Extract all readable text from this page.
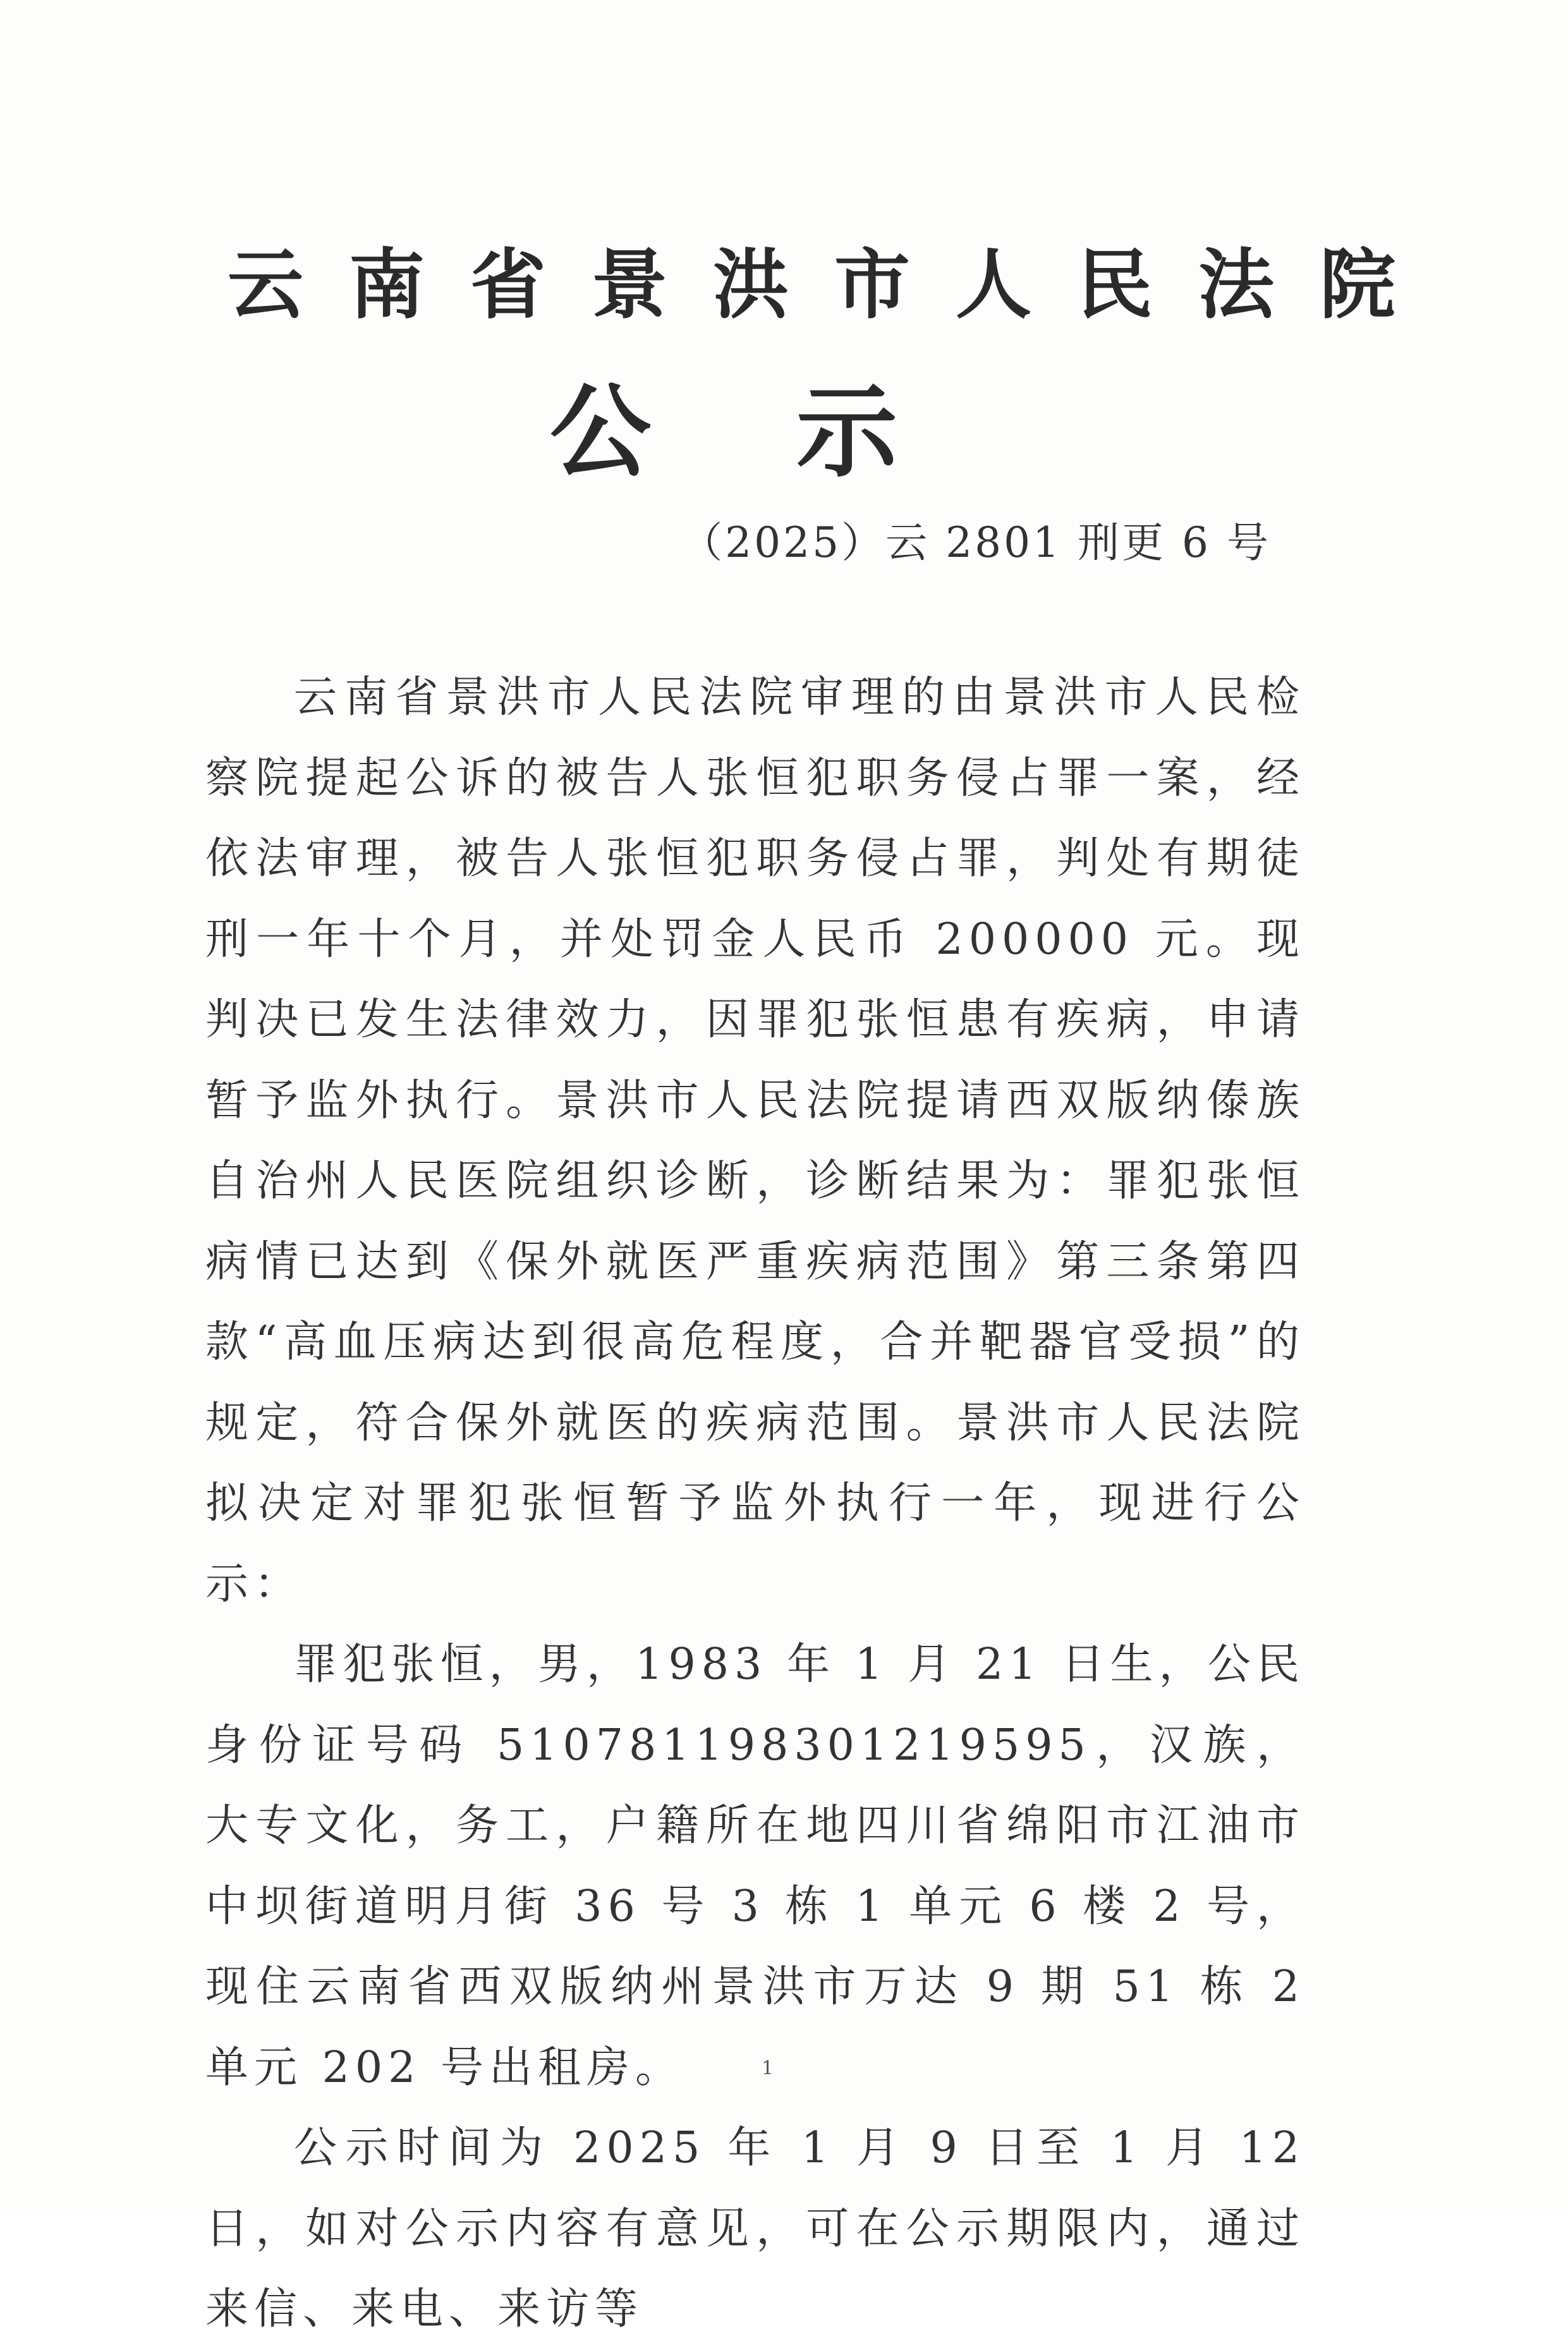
云南省景洪市人民法院
公示
（2025）云 2801 刑更 6 号

云南省景洪市人民法院审理的由景洪市人民检察院提起公诉的被告人张恒犯职务侵占罪一案，经依法审理，被告人张恒犯职务侵占罪，判处有期徒刑一年十个月，并处罚金人民币 200000 元。现判决已发生法律效力，因罪犯张恒患有疾病，申请暂予监外执行。景洪市人民法院提请西双版纳傣族自治州人民医院组织诊断，诊断结果为：罪犯张恒病情已达到《保外就医严重疾病范围》第三条第四款“高血压病达到很高危程度，合并靶器官受损”的规定，符合保外就医的疾病范围。景洪市人民法院拟决定对罪犯张恒暂予监外执行一年，现进行公示：

罪犯张恒，男，1983 年 1 月 21 日生，公民身份证号码 510781198301219595，汉族，大专文化，务工，户籍所在地四川省绵阳市江油市中坝街道明月街 36 号 3 栋 1 单元 6 楼 2 号，现住云南省西双版纳州景洪市万达 9 期 51 栋 2 单元 202 号出租房。

公示时间为 2025 年 1 月 9 日至 1 月 12 日，如对公示内容有意见，可在公示期限内，通过来信、来电、来访等

1
